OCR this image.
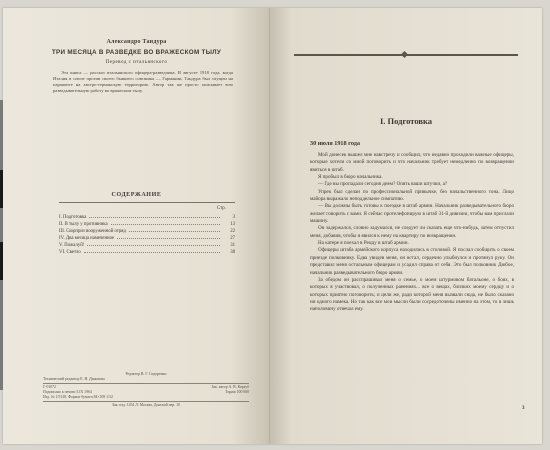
Александро Тандура
ТРИ МЕСЯЦА В РАЗВЕДКЕ ВО ВРАЖЕСКОМ ТЫЛУ
Перевод с итальянского

Эта книга — рассказ итальянского офицера-разведчика. В августе 1918 года, когда Италия в союзе против своего бывшего союзника — Гармании, Тандура был спущен на парашюте на австро-германскую территорию. Автор так же просто описывает всю разведывательную работу во вражеском тылу.

СОДЕРЖАНИЕ
Стр.
I. Подготовка	3
II. В тылу у противника	13
III. Сюрприз вооруженной отряд	22
IV. Два месяца намеченное	27
V. Пожалуй!	31
VI. Светло	38
Редактор В. Г. Сидоренко
Технический редактор Е. Н. Данилова
Г-01072	Зак. автор А. В. Корзуб
Подписано к печати 5.IX 1964	Тираж 100 000
Изд. № 1/5128. Формат бумаги 84×108 1/32
Зак. изд. 1454 Л. Москва, Донской пер. 10
I. Подготовка
30 июля 1918 года

Мой донесек вышел мне навстречу и сообщил, что недавно проходили важные офицеры, которые хотели со мной поговорить и что начальник требует немедленно по возвращении явиться в штаб.

Я пробыл в бюро начальника.

— Где вы пропадали сегодня днем? Опять ваши штучки, а?

Упрек был сделан по профессиональной привычке, без начальственного тона. Лицо майора выражало неподдельное симпатию.

— Вы должны быть готовы к поездке в штаб армии. Начальник разведывательного бюро желает говорить с вами. Я сейчас протелефонирую в штаб 31-й дивизии, чтобы вам прислали машину.

Он задержался, словно задумался, не следует ли сказать еще что-нибудь, затем отпустил меня, добавив, чтобы я явился к нему на квартиру по возвращении.

На катере я поехал в Реццу в штаб армии.

Офицеры штаба армейского корпуса находились в столовой. Я послал сообщить о своем приезде полковнику. Едва увидев меня, он встал, сердечно улыбнулся и протянул руку. Он представил меня остальным офицерам и усадил справа от себя. Это был полковник Дюбое, начальник разведывательного бюро армии.

За обедом он расспрашивал меня о семье, о моем штурмовом батальоне, о боях, в которых я участвовал, о полученных ранениях... все о вещах, близких моему сердцу и о которых приятно поговорить; и цели же, ради которой меня вызвали сюда, не было сказано ни одного намека. Но так как все мои мысли были сосредоточены именно на этом, то я лишь наполовину отвечал ему.

3
